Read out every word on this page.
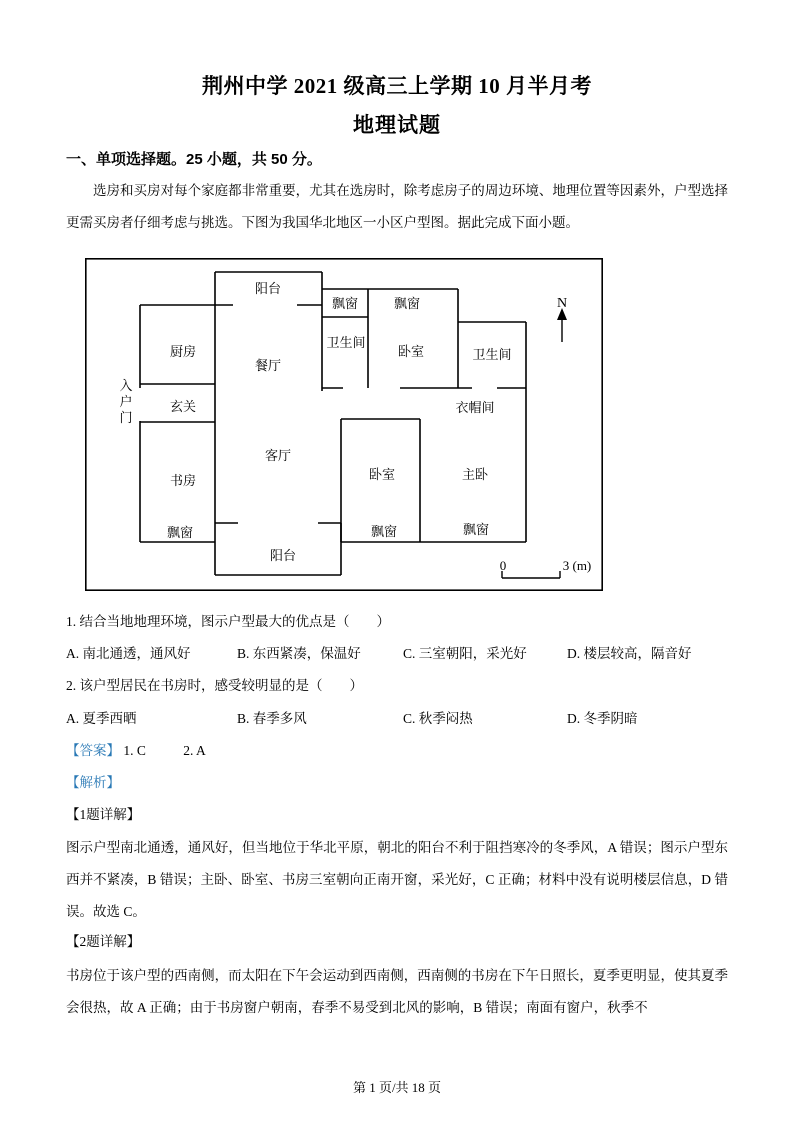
荆州中学 2021 级高三上学期 10 月半月考
地理试题
一、单项选择题。25 小题，共 50 分。
选房和买房对每个家庭都非常重要，尤其在选房时，除考虑房子的周边环境、地理位置等因素外，户型选择更需买房者仔细考虑与挑选。下图为我国华北地区一小区户型图。据此完成下面小题。
阳台
厨房
餐厅
飘窗
卫生间
飘窗
卧室	卫生间
玄关	衣帽间
书房
客厅
卧室	主卧
飘窗	飘窗	飘窗
阳台
入户门
N
0	3 (m)
1. 结合当地地理环境，图示户型最大的优点是（　　）
A. 南北通透，通风好	B. 东西紧凑，保温好	C. 三室朝阳，采光好	D. 楼层较高，隔音好
2. 该户型居民在书房时，感受较明显的是（　　）
A. 夏季西晒	B. 春季多风	C. 秋季闷热	D. 冬季阴暗
【答案】 1. C	2. A
【解析】
【1题详解】
图示户型南北通透，通风好，但当地位于华北平原，朝北的阳台不利于阻挡寒冷的冬季风，A 错误；图示户型东西并不紧凑，B 错误；主卧、卧室、书房三室朝向正南开窗，采光好，C 正确；材料中没有说明楼层信息，D 错误。故选 C。
【2题详解】
书房位于该户型的西南侧，而太阳在下午会运动到西南侧，西南侧的书房在下午日照长，夏季更明显，使其夏季会很热，故 A 正确；由于书房窗户朝南，春季不易受到北风的影响，B 错误；南面有窗户，秋季不
第 1 页/共 18 页
